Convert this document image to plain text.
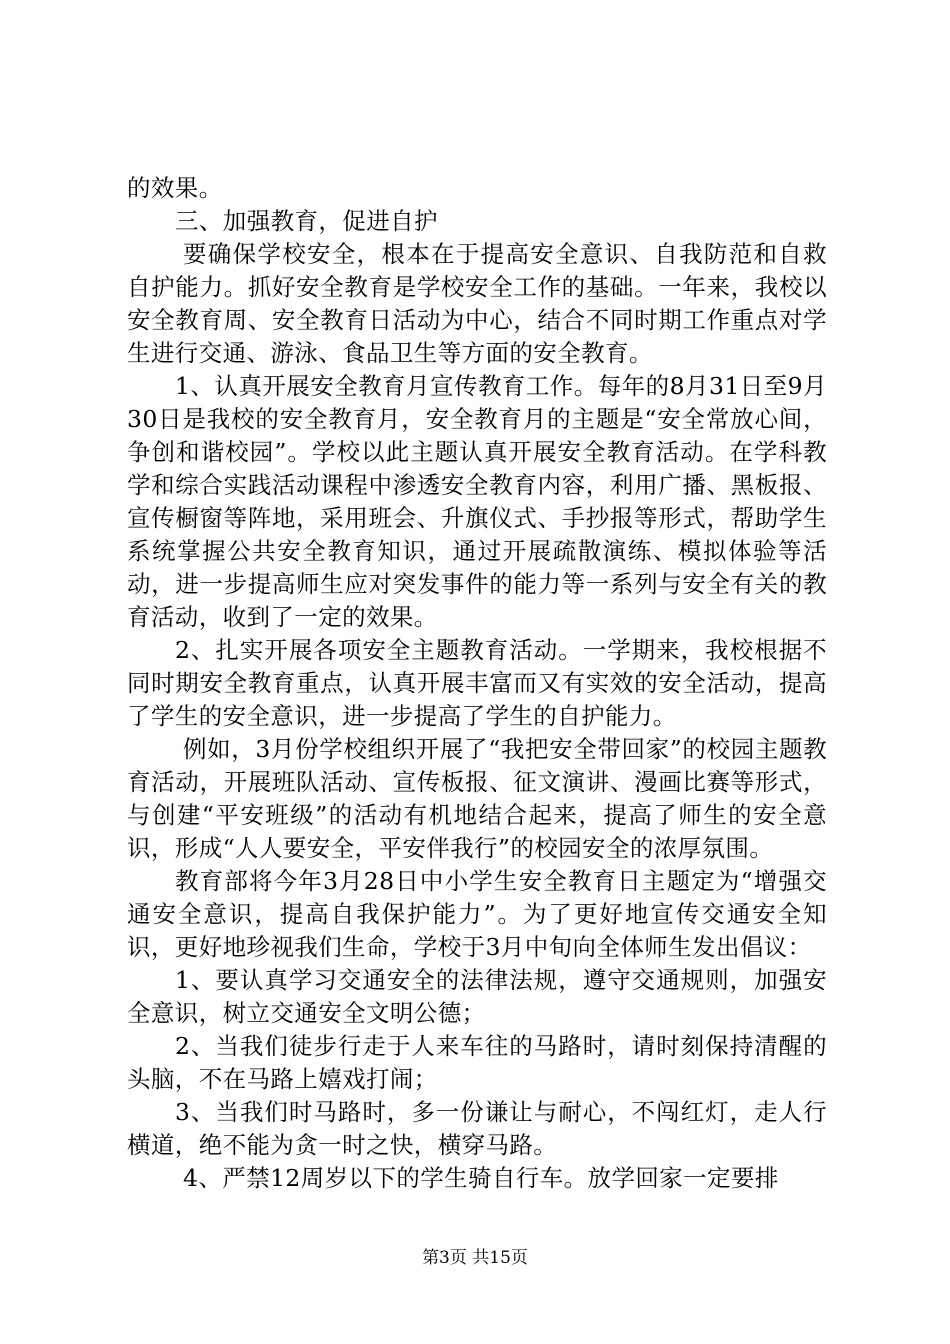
的效果。

三、加强教育，促进自护

要确保学校安全，根本在于提高安全意识、自我防范和自救自护能力。抓好安全教育是学校安全工作的基础。一年来，我校以安全教育周、安全教育日活动为中心，结合不同时期工作重点对学生进行交通、游泳、食品卫生等方面的安全教育。

1、认真开展安全教育月宣传教育工作。每年的8月31日至9月30日是我校的安全教育月，安全教育月的主题是“安全常放心间，争创和谐校园”。学校以此主题认真开展安全教育活动。在学科教学和综合实践活动课程中渗透安全教育内容，利用广播、黑板报、宣传橱窗等阵地，采用班会、升旗仪式、手抄报等形式，帮助学生系统掌握公共安全教育知识，通过开展疏散演练、模拟体验等活动，进一步提高师生应对突发事件的能力等一系列与安全有关的教育活动，收到了一定的效果。

2、扎实开展各项安全主题教育活动。一学期来，我校根据不同时期安全教育重点，认真开展丰富而又有实效的安全活动，提高了学生的安全意识，进一步提高了学生的自护能力。

例如，3月份学校组织开展了“我把安全带回家”的校园主题教育活动，开展班队活动、宣传板报、征文演讲、漫画比赛等形式，与创建“平安班级”的活动有机地结合起来，提高了师生的安全意识，形成“人人要安全，平安伴我行”的校园安全的浓厚氛围。

教育部将今年3月28日中小学生安全教育日主题定为“增强交通安全意识，提高自我保护能力”。为了更好地宣传交通安全知识，更好地珍视我们生命，学校于3月中旬向全体师生发出倡议：

1、要认真学习交通安全的法律法规，遵守交通规则，加强安全意识，树立交通安全文明公德；

2、当我们徒步行走于人来车往的马路时，请时刻保持清醒的头脑，不在马路上嬉戏打闹；

3、当我们时马路时，多一份谦让与耐心，不闯红灯，走人行横道，绝不能为贪一时之快，横穿马路。

4、严禁12周岁以下的学生骑自行车。放学回家一定要排

第3页 共15页
